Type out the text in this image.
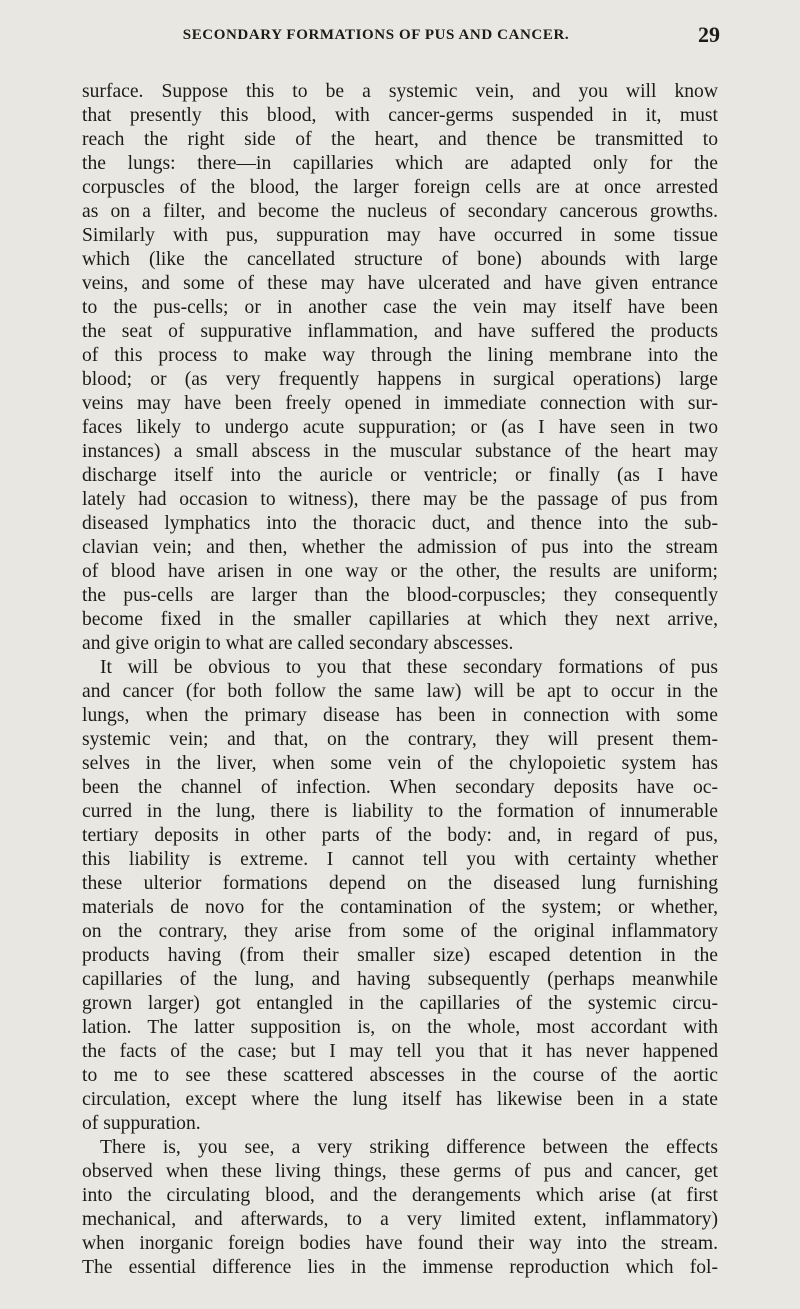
SECONDARY FORMATIONS OF PUS AND CANCER.	29
surface. Suppose this to be a systemic vein, and you will know
that presently this blood, with cancer-germs suspended in it, must
reach the right side of the heart, and thence be transmitted to
the lungs: there—in capillaries which are adapted only for the
corpuscles of the blood, the larger foreign cells are at once arrested
as on a filter, and become the nucleus of secondary cancerous growths.
Similarly with pus, suppuration may have occurred in some tissue
which (like the cancellated structure of bone) abounds with large
veins, and some of these may have ulcerated and have given entrance
to the pus-cells; or in another case the vein may itself have been
the seat of suppurative inflammation, and have suffered the products
of this process to make way through the lining membrane into the
blood; or (as very frequently happens in surgical operations) large
veins may have been freely opened in immediate connection with sur-
faces likely to undergo acute suppuration; or (as I have seen in two
instances) a small abscess in the muscular substance of the heart may
discharge itself into the auricle or ventricle; or finally (as I have
lately had occasion to witness), there may be the passage of pus from
diseased lymphatics into the thoracic duct, and thence into the sub-
clavian vein; and then, whether the admission of pus into the stream
of blood have arisen in one way or the other, the results are uniform;
the pus-cells are larger than the blood-corpuscles; they consequently
become fixed in the smaller capillaries at which they next arrive,
and give origin to what are called secondary abscesses.
It will be obvious to you that these secondary formations of pus
and cancer (for both follow the same law) will be apt to occur in the
lungs, when the primary disease has been in connection with some
systemic vein; and that, on the contrary, they will present them-
selves in the liver, when some vein of the chylopoietic system has
been the channel of infection. When secondary deposits have oc-
curred in the lung, there is liability to the formation of innumerable
tertiary deposits in other parts of the body: and, in regard of pus,
this liability is extreme. I cannot tell you with certainty whether
these ulterior formations depend on the diseased lung furnishing
materials de novo for the contamination of the system; or whether,
on the contrary, they arise from some of the original inflammatory
products having (from their smaller size) escaped detention in the
capillaries of the lung, and having subsequently (perhaps meanwhile
grown larger) got entangled in the capillaries of the systemic circu-
lation. The latter supposition is, on the whole, most accordant with
the facts of the case; but I may tell you that it has never happened
to me to see these scattered abscesses in the course of the aortic
circulation, except where the lung itself has likewise been in a state
of suppuration.
There is, you see, a very striking difference between the effects
observed when these living things, these germs of pus and cancer, get
into the circulating blood, and the derangements which arise (at first
mechanical, and afterwards, to a very limited extent, inflammatory)
when inorganic foreign bodies have found their way into the stream.
The essential difference lies in the immense reproduction which fol-
